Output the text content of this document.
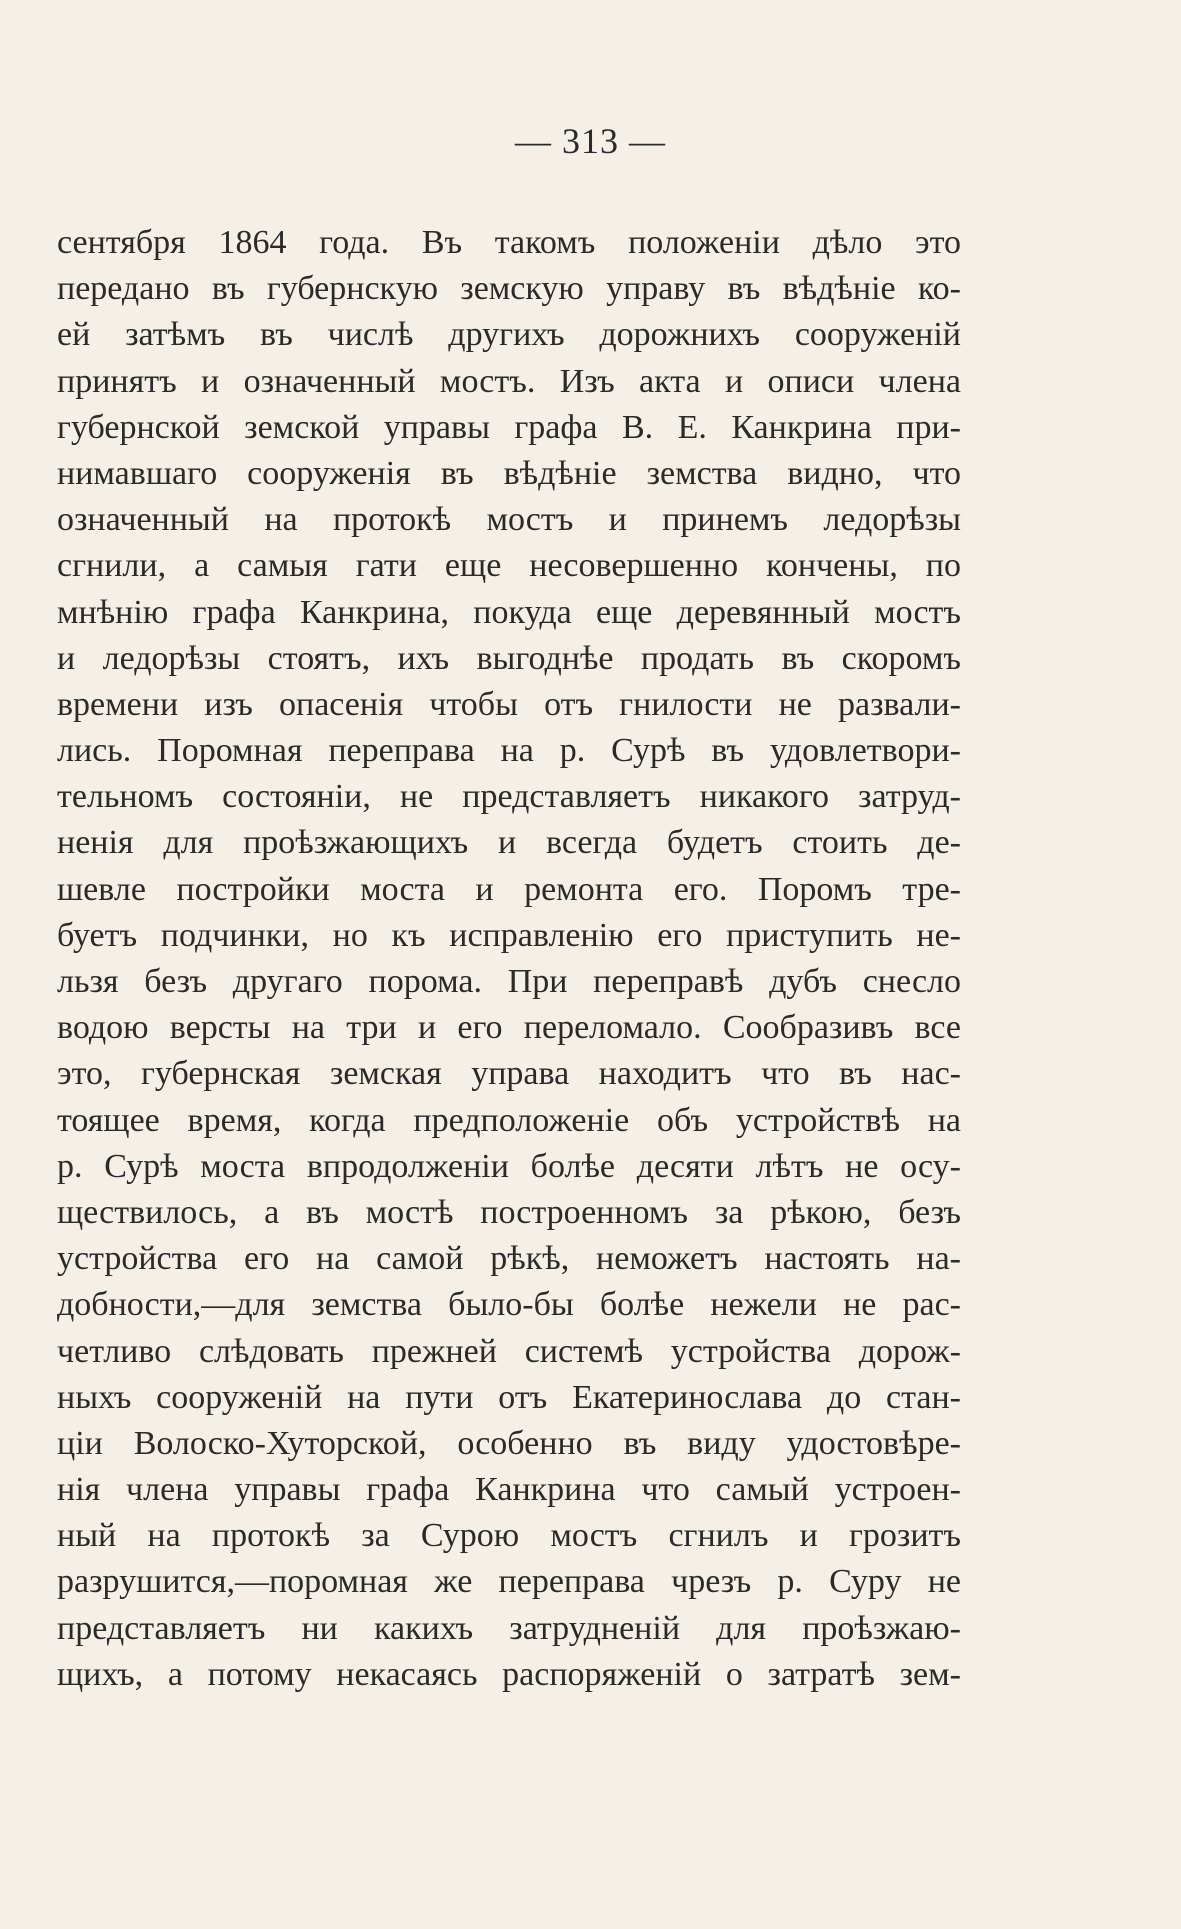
— 313 —
сентября 1864 года. Въ такомъ положенiи дѣло это
передано въ губернскую земскую управу въ вѣдѣнiе ко-
ей затѣмъ въ числѣ другихъ дорожнихъ сооруженiй
принятъ и означенный мостъ. Изъ акта и описи члена
губернской земской управы графа В. Е. Канкрина при-
нимавшаго сооруженiя въ вѣдѣнiе земства видно, что
означенный на протокѣ мостъ и принемъ ледорѣзы
сгнили, а самыя гати еще несовершенно кончены, по
мнѣнiю графа Канкрина, покуда еще деревянный мостъ
и ледорѣзы стоятъ, ихъ выгоднѣе продать въ скоромъ
времени изъ опасенiя чтобы отъ гнилости не развали-
лись. Поромная переправа на р. Сурѣ въ удовлетвори-
тельномъ состоянiи, не представляетъ никакого затруд-
ненiя для проѣзжающихъ и всегда будетъ стоить де-
шевле постройки моста и ремонта его. Поромъ тре-
буетъ подчинки, но къ исправленiю его приступить не-
льзя безъ другаго порома. При переправѣ дубъ снесло
водою версты на три и его переломало. Сообразивъ все
это, губернская земская управа находитъ что въ нас-
тоящее время, когда предположенiе объ устройствѣ на
р. Сурѣ моста впродолженiи болѣе десяти лѣтъ не осу-
ществилось, а въ мостѣ построенномъ за рѣкою, безъ
устройства его на самой рѣкѣ, неможетъ настоять на-
добности,—для земства было-бы болѣе нежели не рас-
четливо слѣдовать прежней системѣ устройства дорож-
ныхъ сооруженiй на пути отъ Екатеринослава до стан-
цiи Волоско-Хуторской, особенно въ виду удостовѣре-
нiя члена управы графа Канкрина что самый устроен-
ный на протокѣ за Сурою мостъ сгнилъ и грозитъ
разрушится,—поромная же переправа чрезъ р. Суру не
представляетъ ни какихъ затрудненiй для проѣзжаю-
щихъ, а потому некасаясь распоряженiй о затратѣ зем-
